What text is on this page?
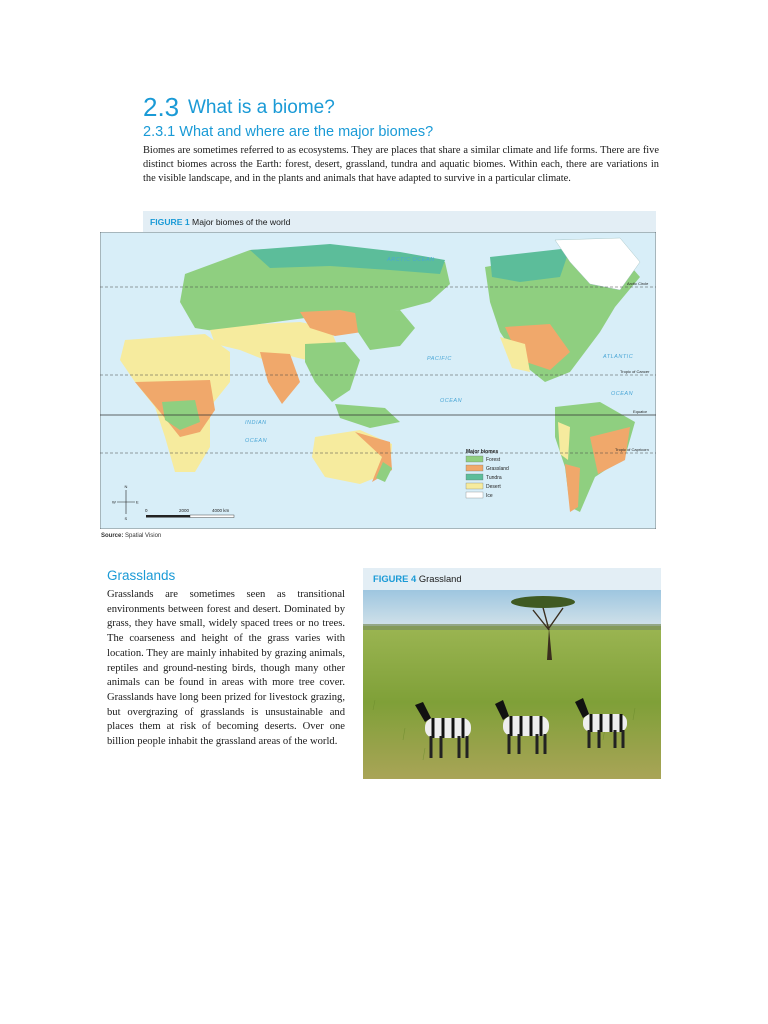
2.3 What is a biome?
2.3.1 What and where are the major biomes?
Biomes are sometimes referred to as ecosystems. They are places that share a similar climate and life forms. There are five distinct biomes across the Earth: forest, desert, grassland, tundra and aquatic biomes. Within each, there are variations in the visible landscape, and in the plants and animals that have adapted to survive in a particular climate.
FIGURE 1 Major biomes of the world
Arctic Circle
Tropic of Cancer
Equator
Tropic of Capricorn
ARCTIC OCEAN
PACIFIC
OCEAN
ATLANTIC
OCEAN
INDIAN
OCEAN
Major biomes
Forest
Grassland
Tundra
Desert
Ice
N
S
W	E
0	2000	4000 km
Source: Spatial Vision
Grasslands
Grasslands are sometimes seen as transitional environments between forest and desert. Dominated by grass, they have small, widely spaced trees or no trees. The coarseness and height of the grass varies with location. They are mainly inhabited by grazing animals, reptiles and ground-nesting birds, though many other animals can be found in areas with more tree cover. Grasslands have long been prized for livestock grazing, but overgrazing of grasslands is unsustainable and places them at risk of becoming deserts. Over one billion people inhabit the grassland areas of the world.
FIGURE 4 Grassland
